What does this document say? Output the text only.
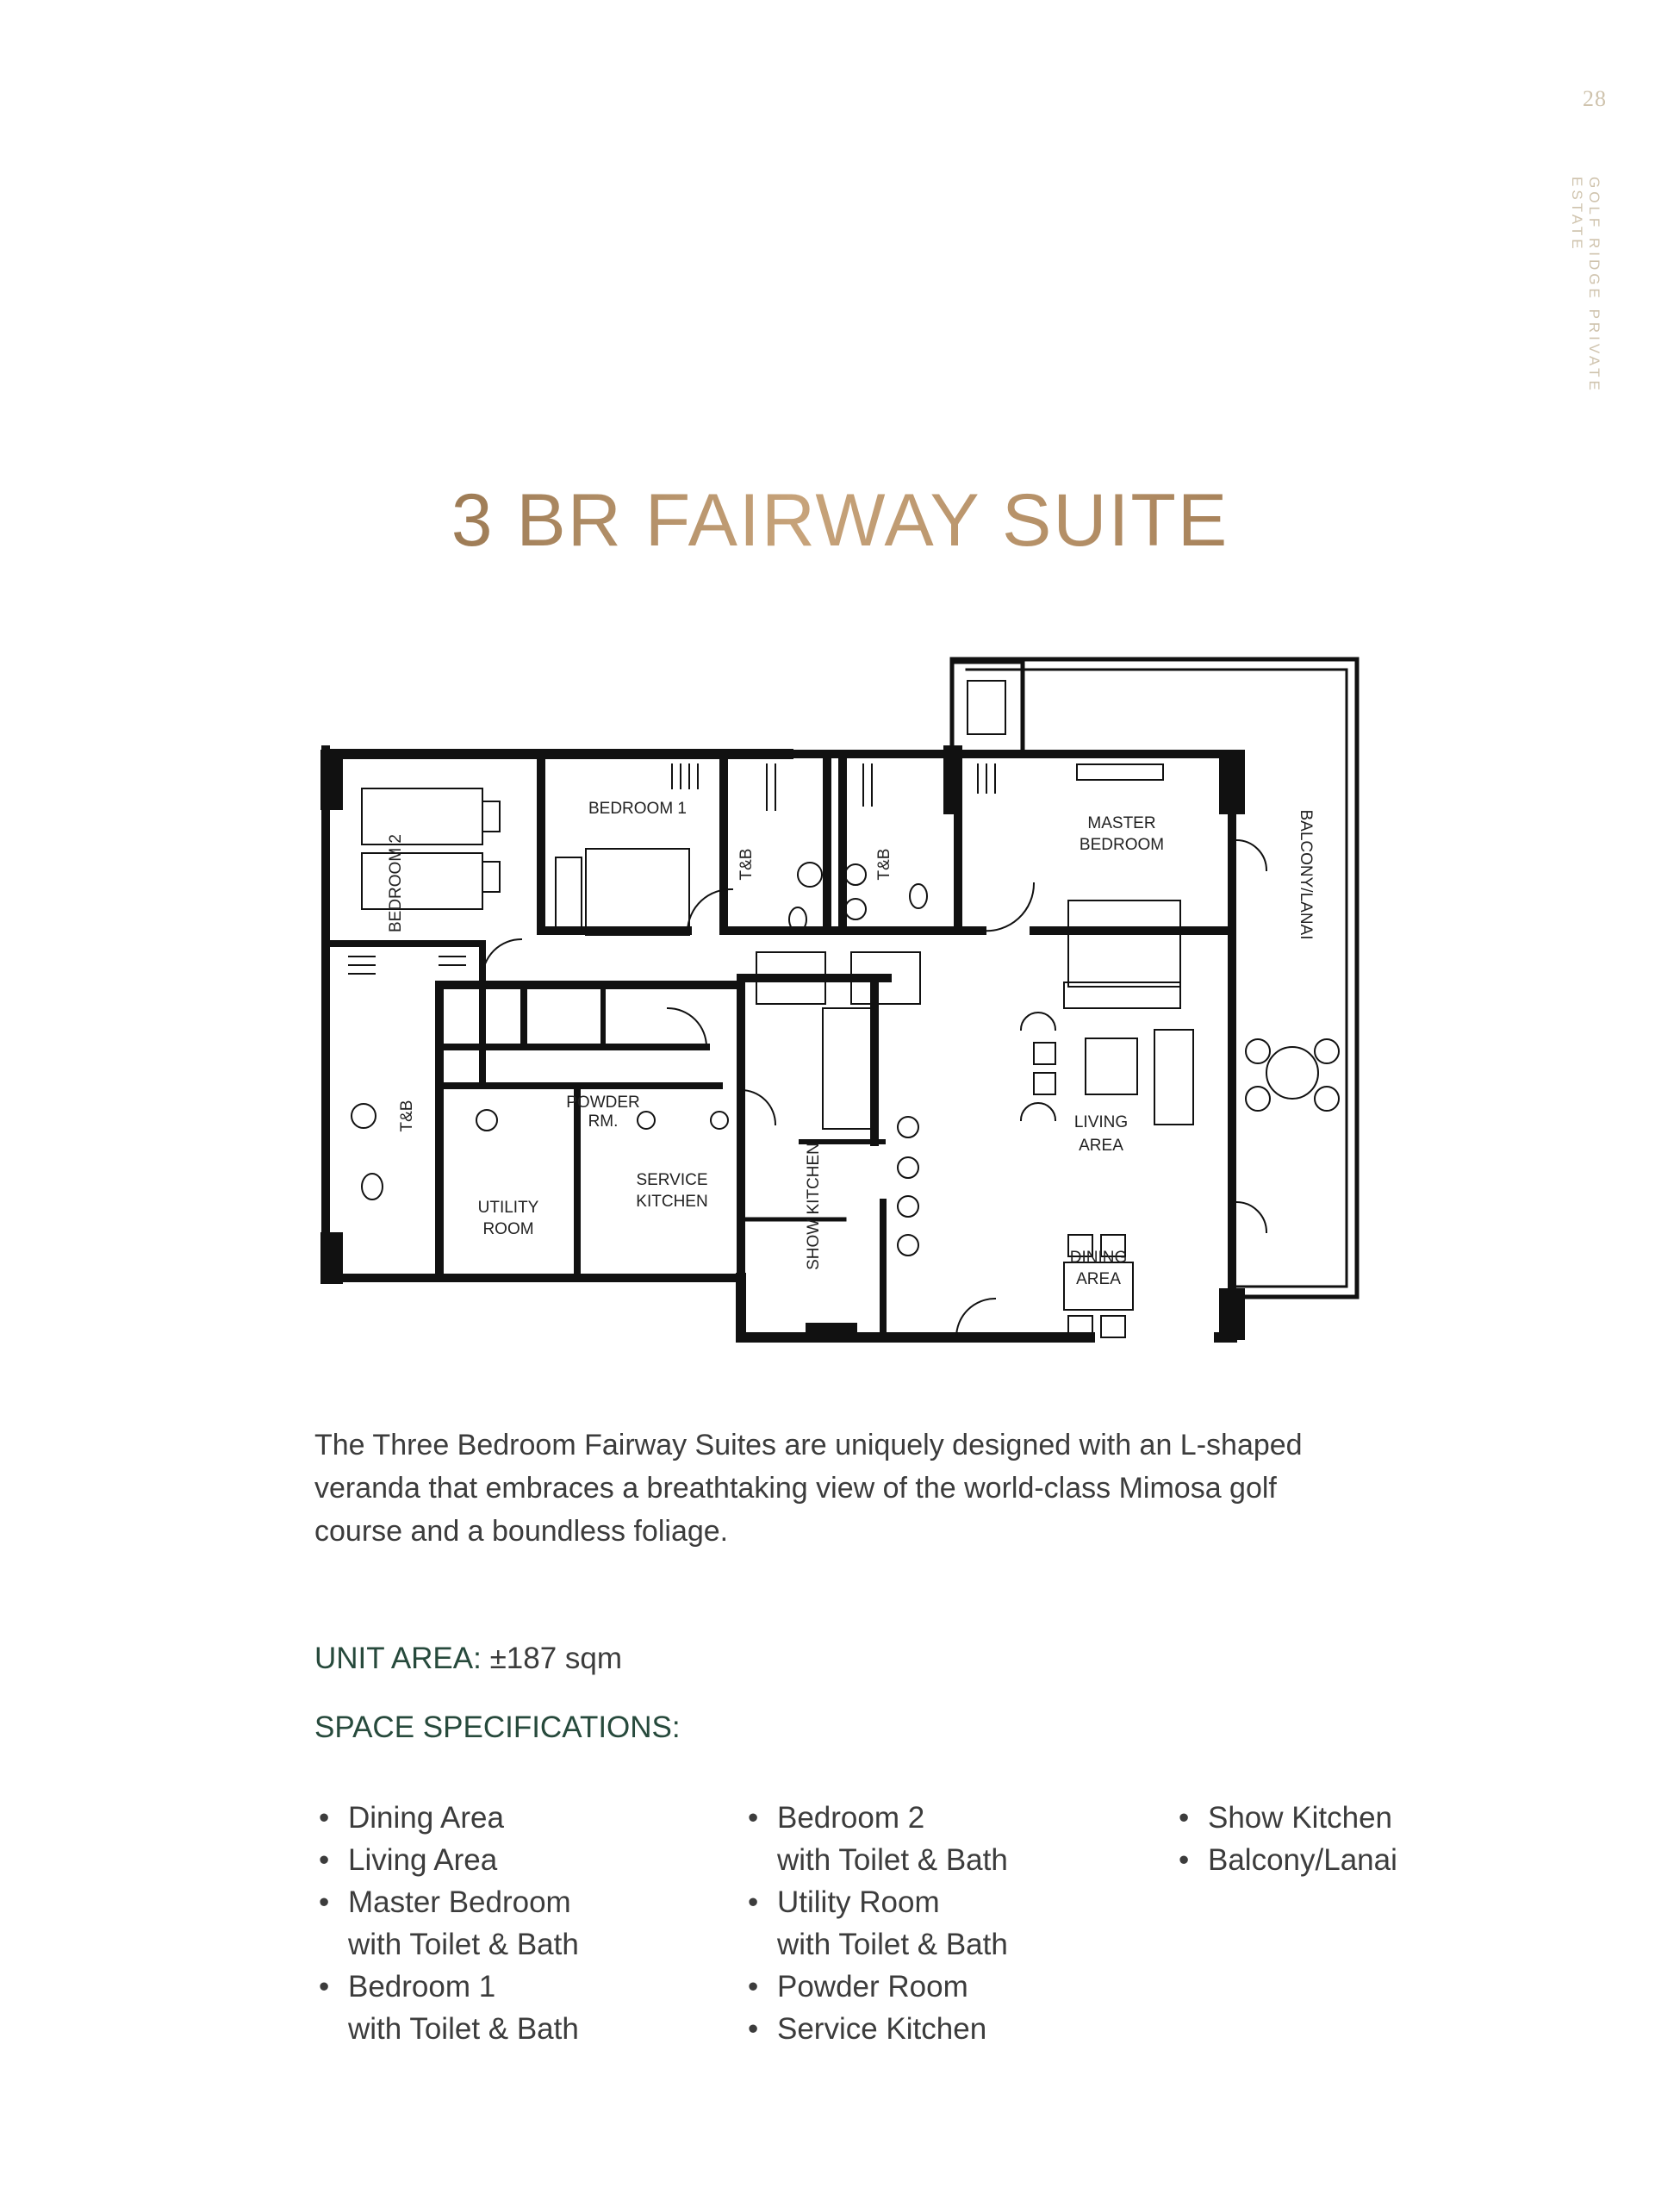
28
GOLF RIDGE PRIVATE ESTATE
3 BR FAIRWAY SUITE
BEDROOM 2
BEDROOM 1
T&B	T&B
MASTER
BEDROOM	BALCONY/LANAI
T&B	POWDER
RM.
UTILITY
ROOM
SERVICE
KITCHEN	SHOW KITCHEN
LIVING
AREA
DINING
AREA

The Three Bedroom Fairway Suites are uniquely designed with an L-shaped veranda that embraces a breathtaking view of the world-class Mimosa golf course and a boundless foliage.

UNIT AREA: ±187 sqm
SPACE SPECIFICATIONS:
• Dining Area
• Living Area
• Master Bedroom
with Toilet & Bath
• Bedroom 1
with Toilet & Bath
• Bedroom 2
with Toilet & Bath
• Utility Room
with Toilet & Bath
• Powder Room
• Service Kitchen
• Show Kitchen
• Balcony/Lanai
